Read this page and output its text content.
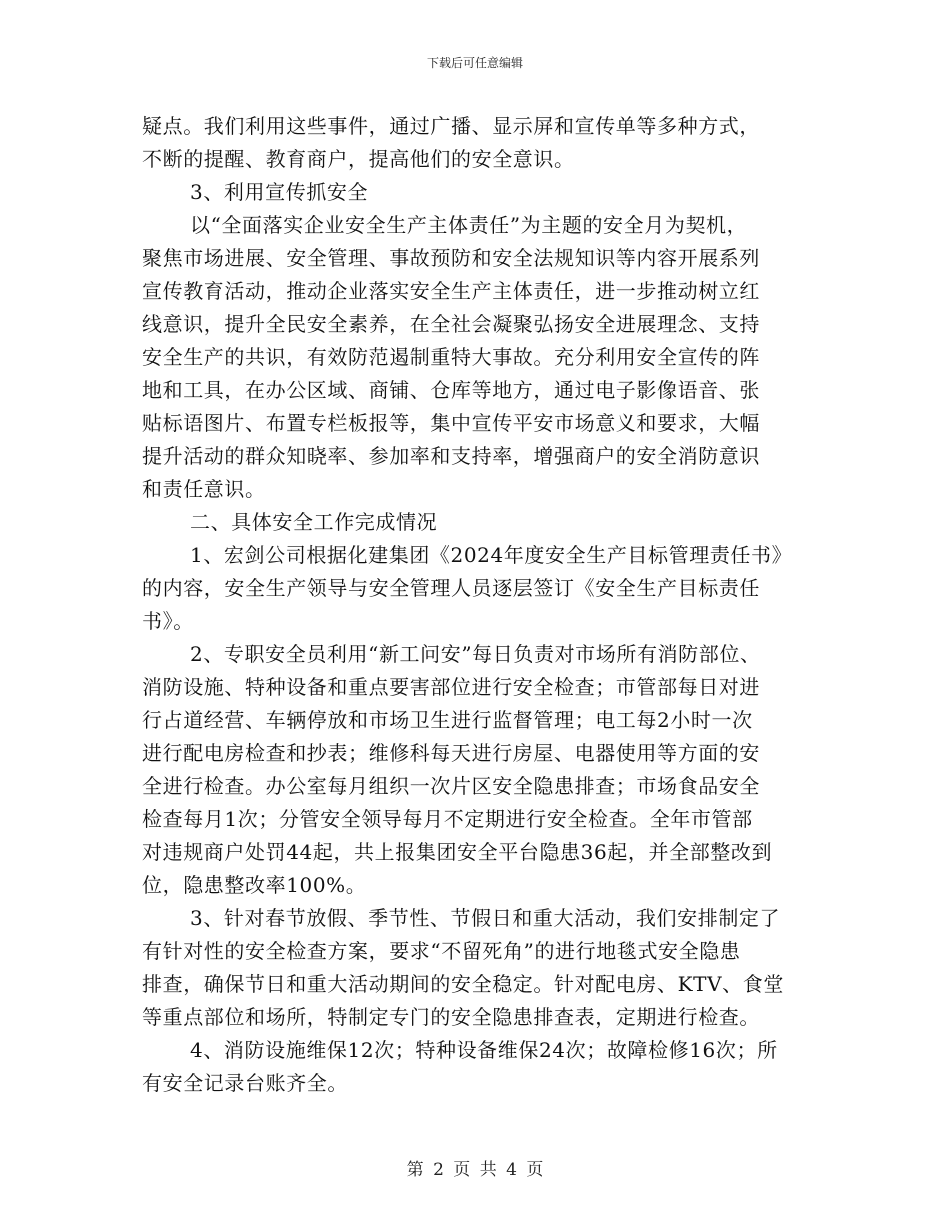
下载后可任意编辑
疑点。我们利用这些事件，通过广播、显示屏和宣传单等多种方式，
不断的提醒、教育商户，提高他们的安全意识。
3、利用宣传抓安全
以“全面落实企业安全生产主体责任”为主题的安全月为契机，
聚焦市场进展、安全管理、事故预防和安全法规知识等内容开展系列
宣传教育活动，推动企业落实安全生产主体责任，进一步推动树立红
线意识，提升全民安全素养，在全社会凝聚弘扬安全进展理念、支持
安全生产的共识，有效防范遏制重特大事故。充分利用安全宣传的阵
地和工具，在办公区域、商铺、仓库等地方，通过电子影像语音、张
贴标语图片、布置专栏板报等，集中宣传平安市场意义和要求，大幅
提升活动的群众知晓率、参加率和支持率，增强商户的安全消防意识
和责任意识。
二、具体安全工作完成情况
1、宏剑公司根据化建集团《2024年度安全生产目标管理责任书》
的内容，安全生产领导与安全管理人员逐层签订《安全生产目标责任
书》。
2、专职安全员利用“新工问安”每日负责对市场所有消防部位、
消防设施、特种设备和重点要害部位进行安全检查；市管部每日对进
行占道经营、车辆停放和市场卫生进行监督管理；电工每2小时一次
进行配电房检查和抄表；维修科每天进行房屋、电器使用等方面的安
全进行检查。办公室每月组织一次片区安全隐患排查；市场食品安全
检查每月1次；分管安全领导每月不定期进行安全检查。全年市管部
对违规商户处罚44起，共上报集团安全平台隐患36起，并全部整改到
位，隐患整改率100%。
3、针对春节放假、季节性、节假日和重大活动，我们安排制定了
有针对性的安全检查方案，要求“不留死角”的进行地毯式安全隐患
排查，确保节日和重大活动期间的安全稳定。针对配电房、KTV、食堂
等重点部位和场所，特制定专门的安全隐患排查表，定期进行检查。
4、消防设施维保12次；特种设备维保24次；故障检修16次；所
有安全记录台账齐全。
第 2 页 共 4 页
